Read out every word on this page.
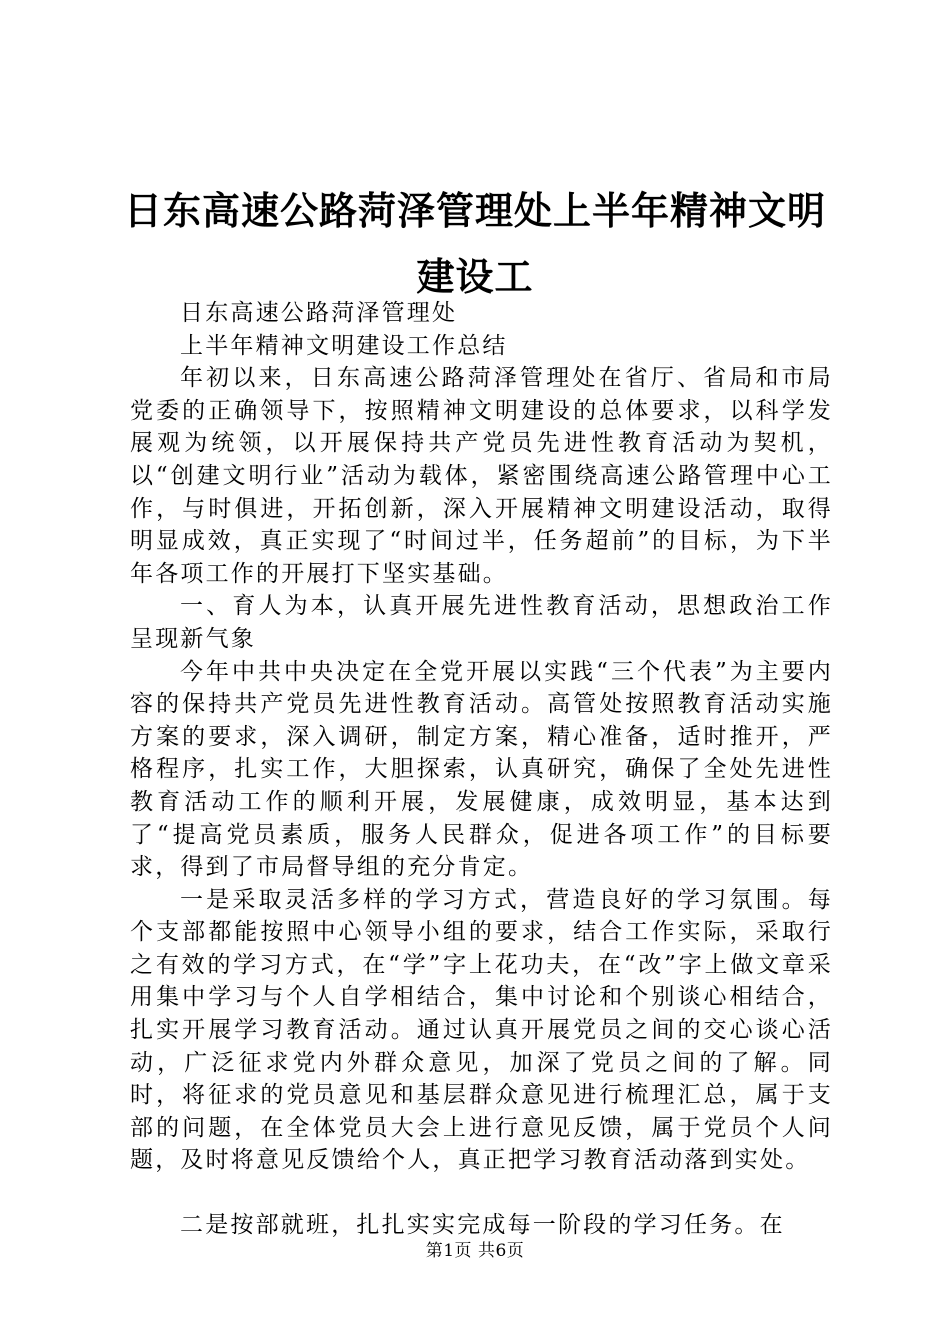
日东高速公路菏泽管理处上半年精神文明建设工

日东高速公路菏泽管理处

上半年精神文明建设工作总结

年初以来，日东高速公路菏泽管理处在省厅、省局和市局党委的正确领导下，按照精神文明建设的总体要求，以科学发展观为统领，以开展保持共产党员先进性教育活动为契机，以“创建文明行业”活动为载体，紧密围绕高速公路管理中心工作，与时俱进，开拓创新，深入开展精神文明建设活动，取得明显成效，真正实现了“时间过半，任务超前”的目标，为下半年各项工作的开展打下坚实基础。

一、育人为本，认真开展先进性教育活动，思想政治工作呈现新气象

今年中共中央决定在全党开展以实践“三个代表”为主要内容的保持共产党员先进性教育活动。高管处按照教育活动实施方案的要求，深入调研，制定方案，精心准备，适时推开，严格程序，扎实工作，大胆探索，认真研究，确保了全处先进性教育活动工作的顺利开展，发展健康，成效明显，基本达到了“提高党员素质，服务人民群众，促进各项工作”的目标要求，得到了市局督导组的充分肯定。

一是采取灵活多样的学习方式，营造良好的学习氛围。每个支部都能按照中心领导小组的要求，结合工作实际，采取行之有效的学习方式，在“学”字上花功夫，在“改”字上做文章采用集中学习与个人自学相结合，集中讨论和个别谈心相结合，扎实开展学习教育活动。通过认真开展党员之间的交心谈心活动，广泛征求党内外群众意见，加深了党员之间的了解。同时，将征求的党员意见和基层群众意见进行梳理汇总，属于支部的问题，在全体党员大会上进行意见反馈，属于党员个人问题，及时将意见反馈给个人，真正把学习教育活动落到实处。

二是按部就班，扎扎实实完成每一阶段的学习任务。在

第1页 共6页
